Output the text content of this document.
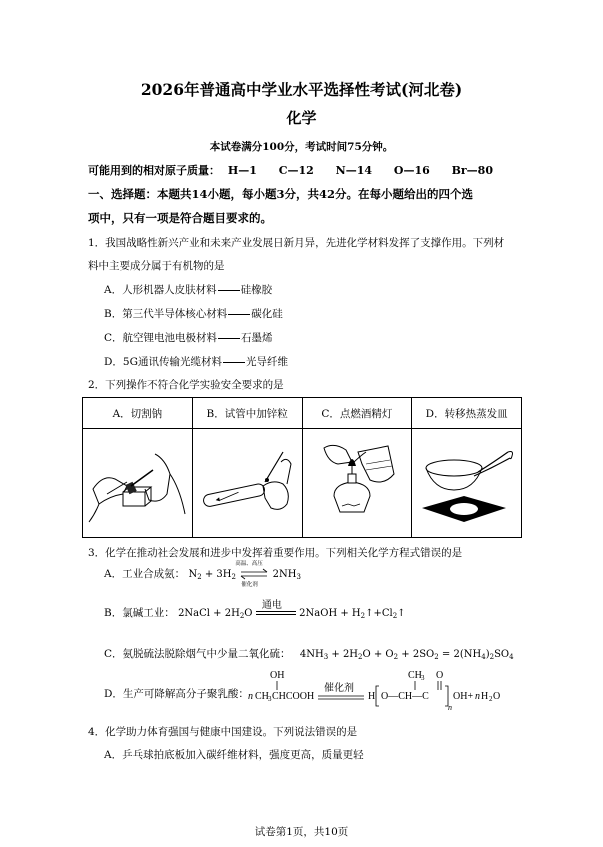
2026年普通高中学业水平选择性考试(河北卷)
化学
本试卷满分100分，考试时间75分钟。
可能用到的相对原子质量： H—1 C—12 N—14 O—16 Br—80
一、选择题：本题共14小题，每小题3分，共42分。在每小题给出的四个选
项中，只有一项是符合题目要求的。
1．我国战略性新兴产业和未来产业发展日新月异，先进化学材料发挥了支撑作用。下列材
料中主要成分属于有机物的是
A．人形机器人皮肤材料 硅橡胶
B．第三代半导体核心材料 碳化硅
C．航空锂电池电极材料 石墨烯
D．5G通讯传输光缆材料 光导纤维
2．下列操作不符合化学实验安全要求的是
A．切割钠	B．试管中加锌粒	C．点燃酒精灯	D．转移热蒸发皿

3．化学在推动社会发展和进步中发挥着重要作用。下列相关化学方程式错误的是
A．工业合成氨： $N_2 + 3H_2$
高温、高压
催化剂
$2NH_3$
B．氯碱工业： 2NaCl + $2H_2O$
通电
2NaOH + $H_2↑+Cl_2↑$
C．氨脱硫法脱除烟气中少量二氧化硫： $4NH_3 + 2H_2O + O_2 + 2SO_2 = 2(NH_4)_2SO_4$
D．生产可降解高分子聚乳酸：
OH
n CH 3 CHCOOH
催化剂
H O—CH—C
CH 3 O
n
OH+ n H 2 O
4．化学助力体育强国与健康中国建设。下列说法错误的是
A．乒乓球拍底板加入碳纤维材料，强度更高，质量更轻
试卷第1页，共10页
